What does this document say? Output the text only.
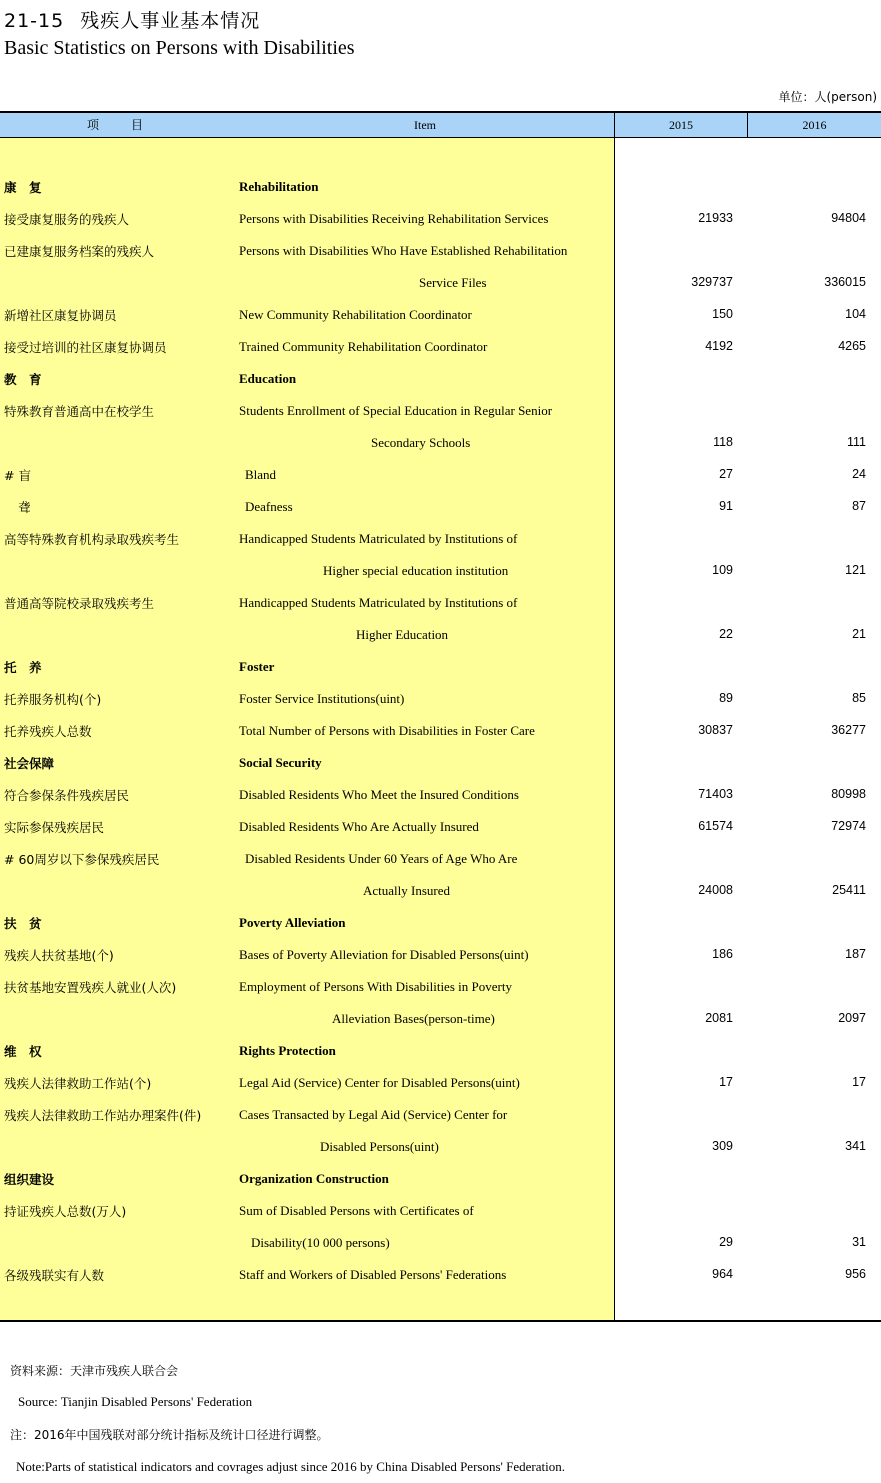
21-15 残疾人事业基本情况
Basic Statistics on Persons with Disabilities
单位：人(person)
项　目	Item	2015	2016
康　复	Rehabilitation
接受康复服务的残疾人	Persons with Disabilities Receiving Rehabilitation Services	21933	94804
已建康复服务档案的残疾人	Persons with Disabilities Who Have Established Rehabilitation
Service Files	329737	336015
新增社区康复协调员	New Community Rehabilitation Coordinator	150	104
接受过培训的社区康复协调员	Trained Community Rehabilitation Coordinator	4192	4265
教　育	Education
特殊教育普通高中在校学生	Students Enrollment of Special Education in Regular Senior
Secondary Schools	118	111
# 盲	Bland	27	24
聋	Deafness	91	87
高等特殊教育机构录取残疾考生	Handicapped Students Matriculated by Institutions of
Higher special education institution	109	121
普通高等院校录取残疾考生	Handicapped Students Matriculated by Institutions of
Higher Education	22	21
托　养	Foster
托养服务机构(个)	Foster Service Institutions(uint)	89	85
托养残疾人总数	Total Number of Persons with Disabilities in Foster Care	30837	36277
社会保障	Social Security
符合参保条件残疾居民	Disabled Residents Who Meet the Insured Conditions	71403	80998
实际参保残疾居民	Disabled Residents Who Are Actually Insured	61574	72974
# 60周岁以下参保残疾居民	Disabled Residents Under 60 Years of Age Who Are
Actually Insured	24008	25411
扶　贫	Poverty Alleviation
残疾人扶贫基地(个)	Bases of Poverty Alleviation for Disabled Persons(uint)	186	187
扶贫基地安置残疾人就业(人次)	Employment of Persons With Disabilities in Poverty
Alleviation Bases(person-time)	2081	2097
维　权	Rights Protection
残疾人法律救助工作站(个)	Legal Aid (Service) Center for Disabled Persons(uint)	17	17
残疾人法律救助工作站办理案件(件)	Cases Transacted by Legal Aid (Service) Center for
Disabled Persons(uint)	309	341
组织建设	Organization Construction
持证残疾人总数(万人)	Sum of Disabled Persons with Certificates of
Disability(10 000 persons)	29	31
各级残联实有人数	Staff and Workers of Disabled Persons' Federations	964	956
资料来源：天津市残疾人联合会
Source: Tianjin Disabled Persons' Federation
注：2016年中国残联对部分统计指标及统计口径进行调整。
Note:Parts of statistical indicators and covrages adjust since 2016 by China Disabled Persons' Federation.
